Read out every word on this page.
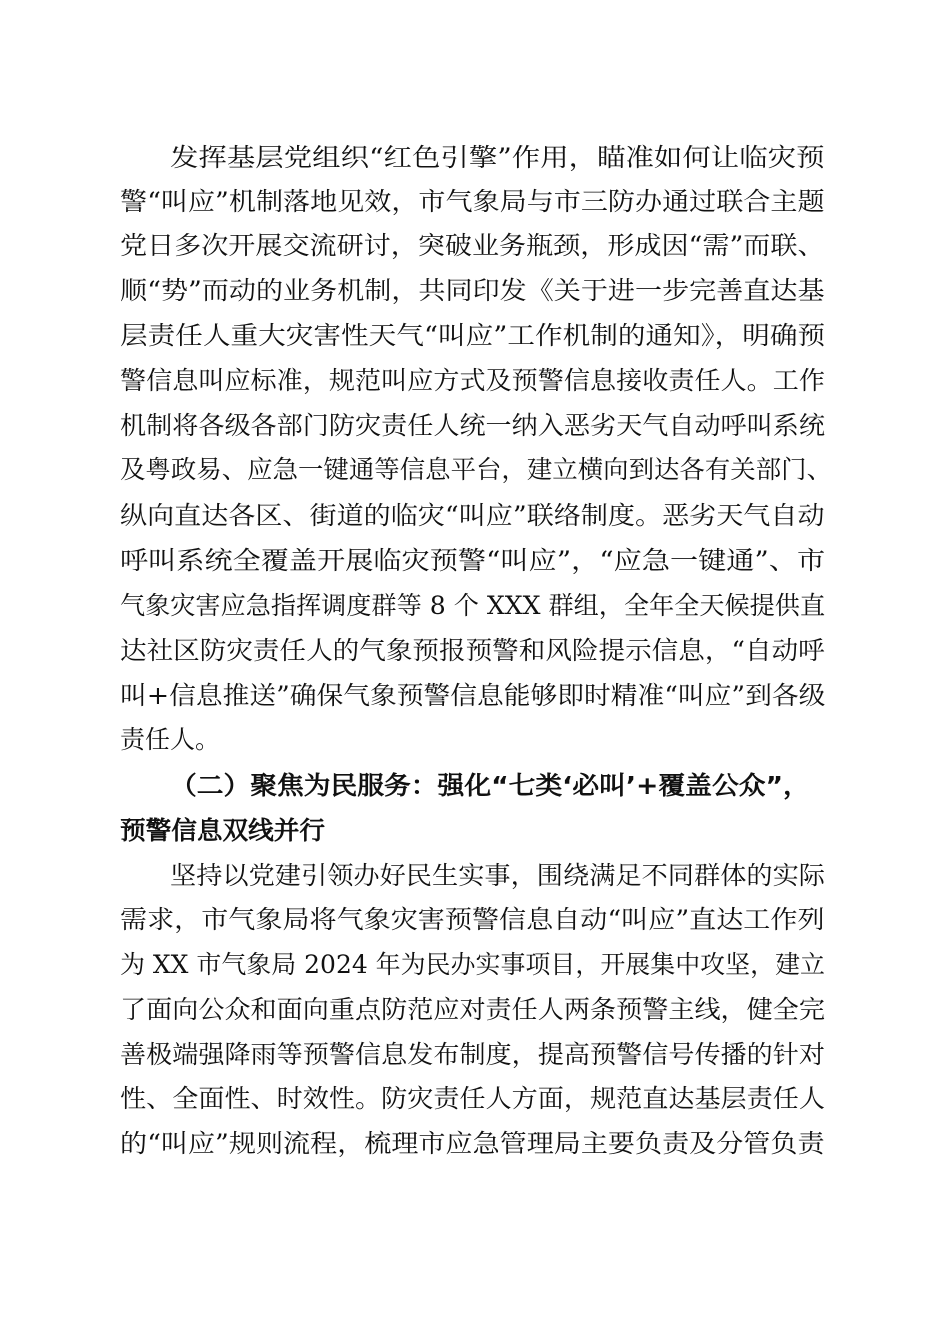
发挥基层党组织“红色引擎”作用，瞄准如何让临灾预
警“叫应”机制落地见效，市气象局与市三防办通过联合主题
党日多次开展交流研讨，突破业务瓶颈，形成因“需”而联、
顺“势”而动的业务机制，共同印发《关于进一步完善直达基
层责任人重大灾害性天气“叫应”工作机制的通知》，明确预
警信息叫应标准，规范叫应方式及预警信息接收责任人。工作
机制将各级各部门防灾责任人统一纳入恶劣天气自动呼叫系统
及粤政易、应急一键通等信息平台，建立横向到达各有关部门、
纵向直达各区、街道的临灾“叫应”联络制度。恶劣天气自动
呼叫系统全覆盖开展临灾预警“叫应”，“应急一键通”、市
气象灾害应急指挥调度群等 8 个 XXX 群组，全年全天候提供直
达社区防灾责任人的气象预报预警和风险提示信息，“自动呼
叫+信息推送”确保气象预警信息能够即时精准“叫应”到各级
责任人。
（二）聚焦为民服务：强化“七类‘必叫’+覆盖公众”，
预警信息双线并行
坚持以党建引领办好民生实事，围绕满足不同群体的实际
需求，市气象局将气象灾害预警信息自动“叫应”直达工作列
为 XX 市气象局 2024 年为民办实事项目，开展集中攻坚，建立
了面向公众和面向重点防范应对责任人两条预警主线，健全完
善极端强降雨等预警信息发布制度，提高预警信号传播的针对
性、全面性、时效性。防灾责任人方面，规范直达基层责任人
的“叫应”规则流程，梳理市应急管理局主要负责及分管负责
